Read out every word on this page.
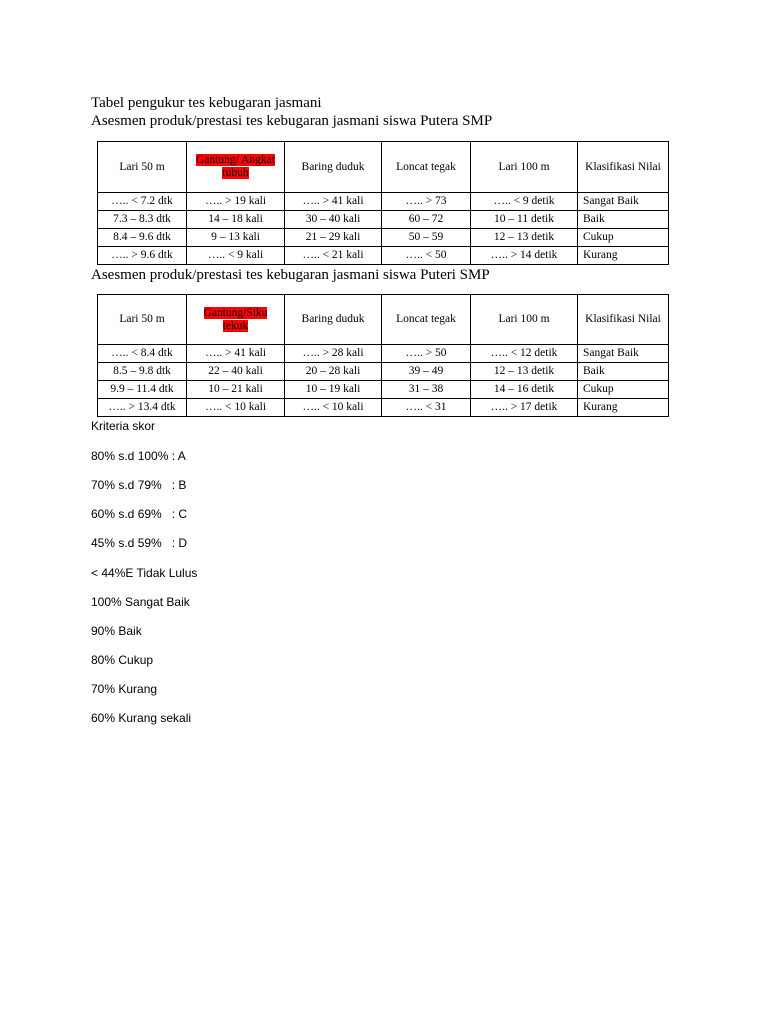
Tabel pengukur tes kebugaran jasmani
Asesmen produk/prestasi tes kebugaran jasmani siswa Putera SMP
Lari 50 m	Gantung/ Angkat tubuh	Baring duduk	Loncat tegak	Lari 100 m	Klasifikasi Nilai
….. < 7.2 dtk	….. > 19 kali	….. > 41 kali	….. > 73	….. < 9 detik	Sangat Baik
7.3 – 8.3 dtk	14 – 18 kali	30 – 40 kali	60 – 72	10 – 11 detik	Baik
8.4 – 9.6 dtk	9 – 13 kali	21 – 29 kali	50 – 59	12 – 13 detik	Cukup
….. > 9.6 dtk	….. < 9 kali	….. < 21 kali	….. < 50	….. > 14 detik	Kurang
Asesmen produk/prestasi tes kebugaran jasmani siswa Puteri SMP
Lari 50 m	Gantung/Siku tekuk	Baring duduk	Loncat tegak	Lari 100 m	Klasifikasi Nilai
….. < 8.4 dtk	….. > 41 kali	….. > 28 kali	….. > 50	….. < 12 detik	Sangat Baik
8.5 – 9.8 dtk	22 – 40 kali	20 – 28 kali	39 – 49	12 – 13 detik	Baik
9.9 – 11.4 dtk	10 – 21 kali	10 – 19 kali	31 – 38	14 – 16 detik	Cukup
….. > 13.4 dtk	….. < 10 kali	….. < 10 kali	….. < 31	….. > 17 detik	Kurang
Kriteria skor
80% s.d 100% : A
70% s.d 79%   : B
60% s.d 69%   : C
45% s.d 59%   : D
< 44%E Tidak Lulus
100% Sangat Baik
90% Baik
80% Cukup
70% Kurang
60% Kurang sekali
